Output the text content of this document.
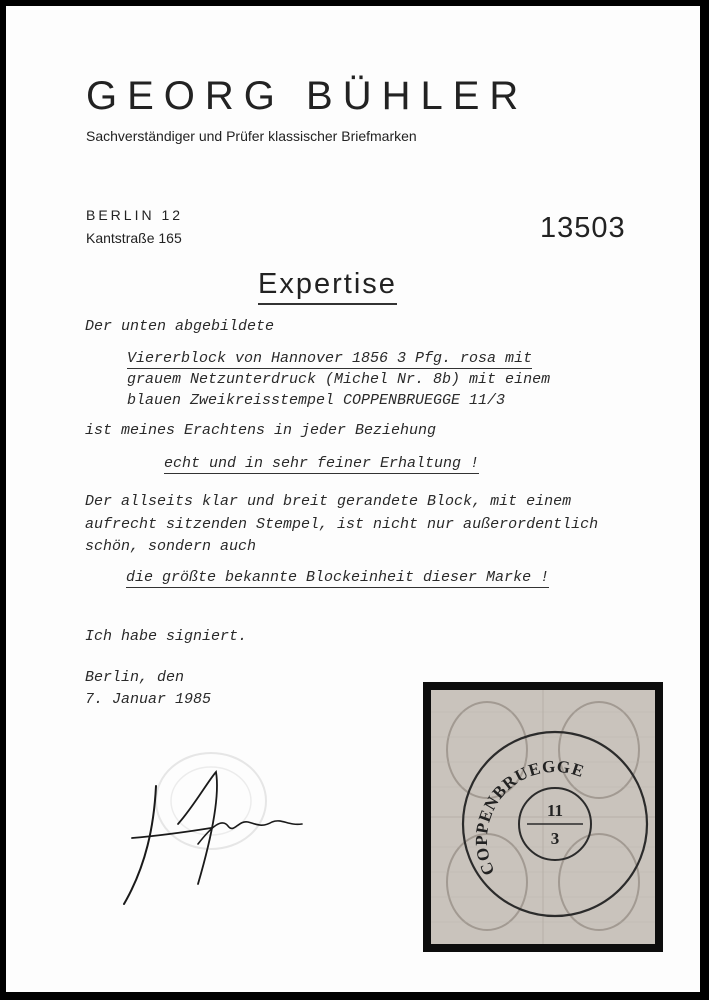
GEORG BÜHLER
Sachverständiger und Prüfer klassischer Briefmarken
BERLIN 12
Kantstraße 165	13503
Expertise
Der unten abgebildete
Viererblock von Hannover 1856 3 Pfg. rosa mit
grauem Netzunterdruck (Michel Nr. 8b) mit einem
blauen Zweikreisstempel COPPENBRUEGGE 11/3
ist meines Erachtens in jeder Beziehung
echt und in sehr feiner Erhaltung !
Der allseits klar und breit gerandete Block, mit einem
aufrecht sitzenden Stempel, ist nicht nur außerordentlich
schön, sondern auch
die größte bekannte Blockeinheit dieser Marke !
Ich habe signiert.
Berlin, den
7. Januar 1985
COPPENBRUEGGE
11
3
